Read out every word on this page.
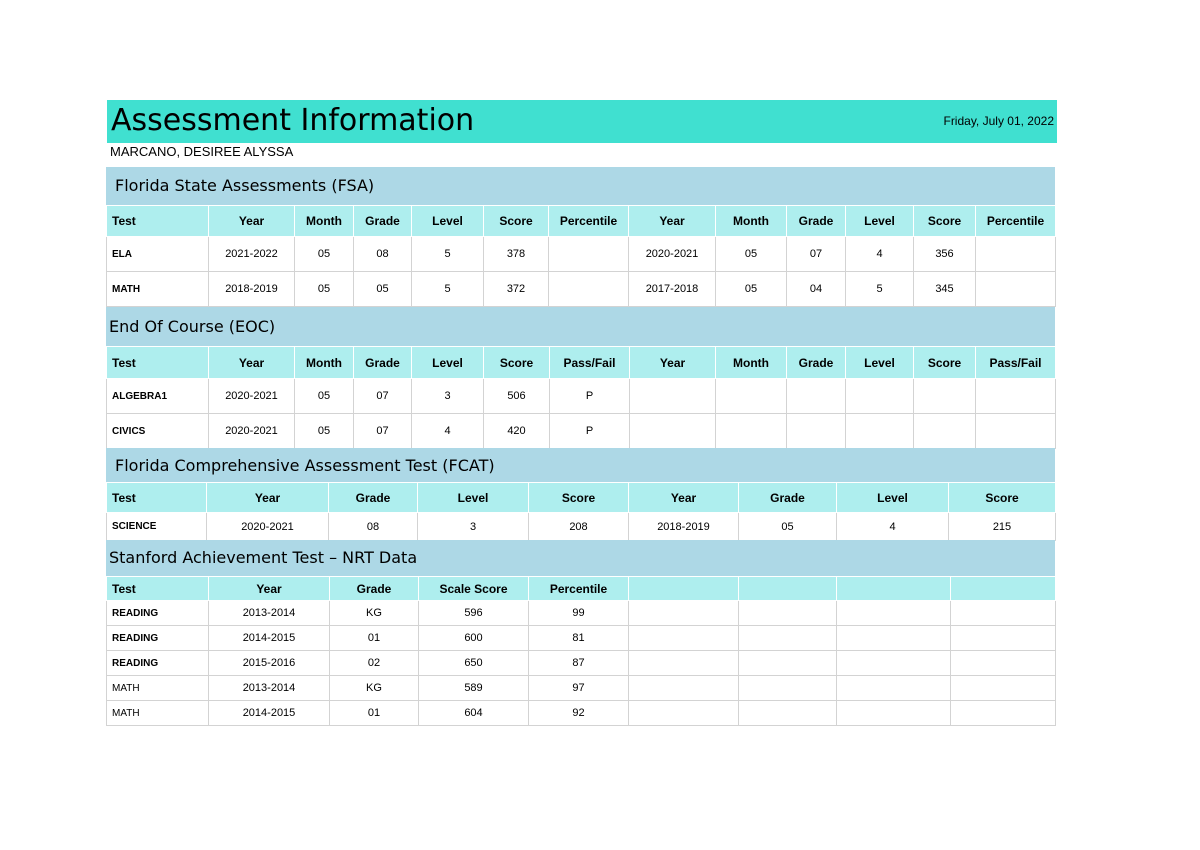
Assessment Information	Friday, July 01, 2022
MARCANO, DESIREE ALYSSA
Florida State Assessments (FSA)
Test	Year	Month	Grade	Level	Score	Percentile	Year	Month	Grade	Level	Score	Percentile
ELA	2021-2022	05	08	5	378		2020-2021	05	07	4	356	
MATH	2018-2019	05	05	5	372		2017-2018	05	04	5	345	
End Of Course (EOC)
Test	Year	Month	Grade	Level	Score	Pass/Fail	Year	Month	Grade	Level	Score	Pass/Fail
ALGEBRA1	2020-2021	05	07	3	506	P						
CIVICS	2020-2021	05	07	4	420	P						
Florida Comprehensive Assessment Test (FCAT)
Test	Year	Grade	Level	Score	Year	Grade	Level	Score
SCIENCE	2020-2021	08	3	208	2018-2019	05	4	215
Stanford Achievement Test – NRT Data
Test	Year	Grade	Scale Score	Percentile				
READING	2013-2014	KG	596	99				
READING	2014-2015	01	600	81				
READING	2015-2016	02	650	87				
MATH	2013-2014	KG	589	97				
MATH	2014-2015	01	604	92				
